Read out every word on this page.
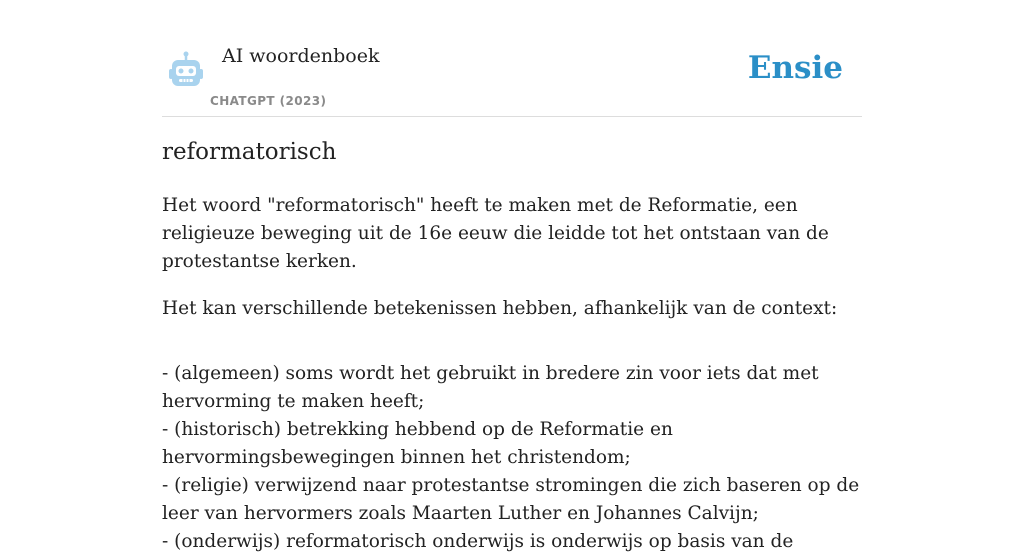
AI woordenboek
CHATGPT (2023)
Ensie
reformatorisch

Het woord "reformatorisch" heeft te maken met de Reformatie, een religieuze beweging uit de 16e eeuw die leidde tot het ontstaan van de protestantse kerken.

Het kan verschillende betekenissen hebben, afhankelijk van de context:

- (algemeen) soms wordt het gebruikt in bredere zin voor iets dat met hervorming te maken heeft;
- (historisch) betrekking hebbend op de Reformatie en hervormingsbewegingen binnen het christendom;
- (religie) verwijzend naar protestantse stromingen die zich baseren op de leer van hervormers zoals Maarten Luther en Johannes Calvijn;
- (onderwijs) reformatorisch onderwijs is onderwijs op basis van de
